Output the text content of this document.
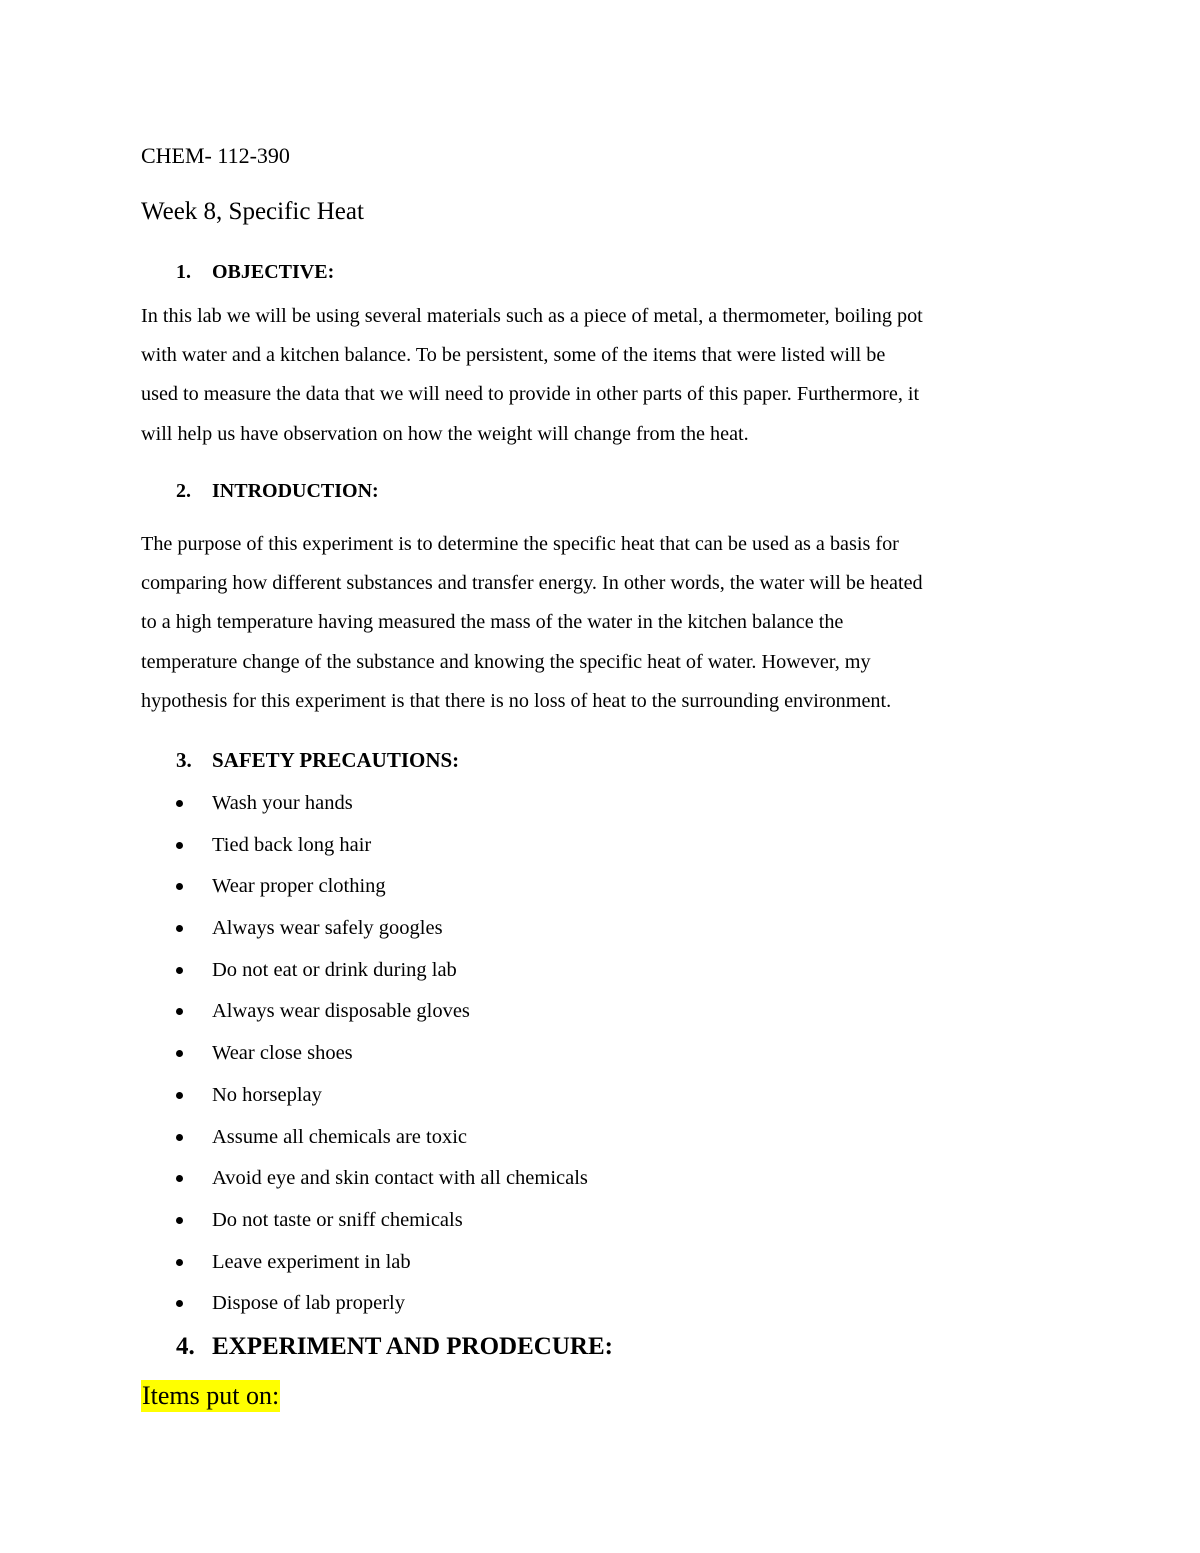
CHEM- 112-390
Week 8, Specific Heat
1. OBJECTIVE:
In this lab we will be using several materials such as a piece of metal, a thermometer, boiling pot
with water and a kitchen balance. To be persistent, some of the items that were listed will be
used to measure the data that we will need to provide in other parts of this paper. Furthermore, it
will help us have observation on how the weight will change from the heat.
2. INTRODUCTION:
The purpose of this experiment is to determine the specific heat that can be used as a basis for
comparing how different substances and transfer energy. In other words, the water will be heated
to a high temperature having measured the mass of the water in the kitchen balance the
temperature change of the substance and knowing the specific heat of water. However, my
hypothesis for this experiment is that there is no loss of heat to the surrounding environment.
3. SAFETY PRECAUTIONS:
Wash your hands
Tied back long hair
Wear proper clothing
Always wear safely googles
Do not eat or drink during lab
Always wear disposable gloves
Wear close shoes
No horseplay
Assume all chemicals are toxic
Avoid eye and skin contact with all chemicals
Do not taste or sniff chemicals
Leave experiment in lab
Dispose of lab properly
4. EXPERIMENT AND PRODECURE:
Items put on:
